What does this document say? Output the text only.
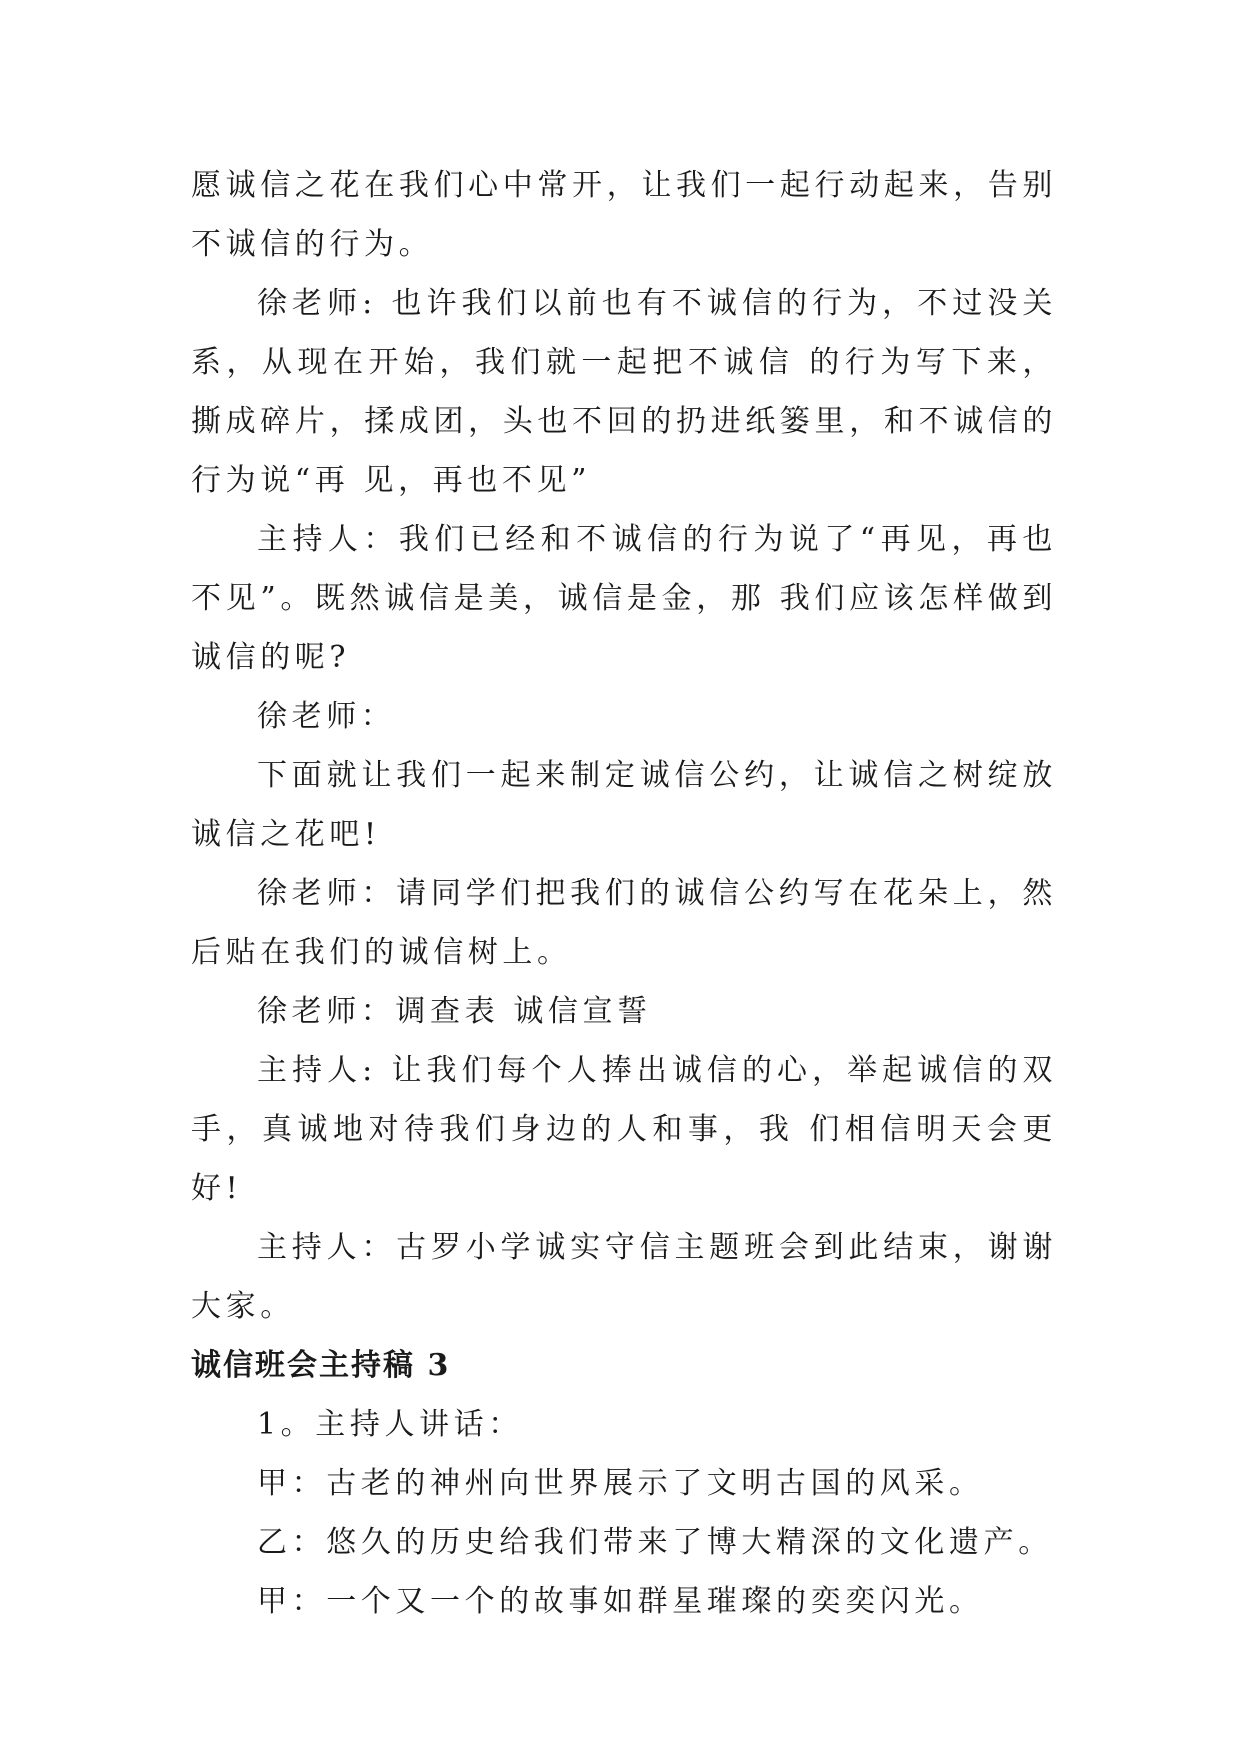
愿诚信之花在我们心中常开，让我们一起行动起来，告别不诚信的行为。

徐老师: 也许我们以前也有不诚信的行为，不过没关系，从现在开始，我们就一起把不诚信 的行为写下来，撕成碎片，揉成团，头也不回的扔进纸篓里，和不诚信的行为说“再 见，再也不见”

主持人：我们已经和不诚信的行为说了“再见，再也不见”。既然诚信是美，诚信是金，那 我们应该怎样做到诚信的呢?

徐老师：

下面就让我们一起来制定诚信公约，让诚信之树绽放诚信之花吧!

徐老师：请同学们把我们的诚信公约写在花朵上，然后贴在我们的诚信树上。

徐老师：调查表 诚信宣誓

主持人: 让我们每个人捧出诚信的心，举起诚信的双手，真诚地对待我们身边的人和事，我 们相信明天会更好!

主持人：古罗小学诚实守信主题班会到此结束，谢谢大家。

诚信班会主持稿 3

1。主持人讲话：

甲：古老的神州向世界展示了文明古国的风采。

乙：悠久的历史给我们带来了博大精深的文化遗产。

甲：一个又一个的故事如群星璀璨的奕奕闪光。
